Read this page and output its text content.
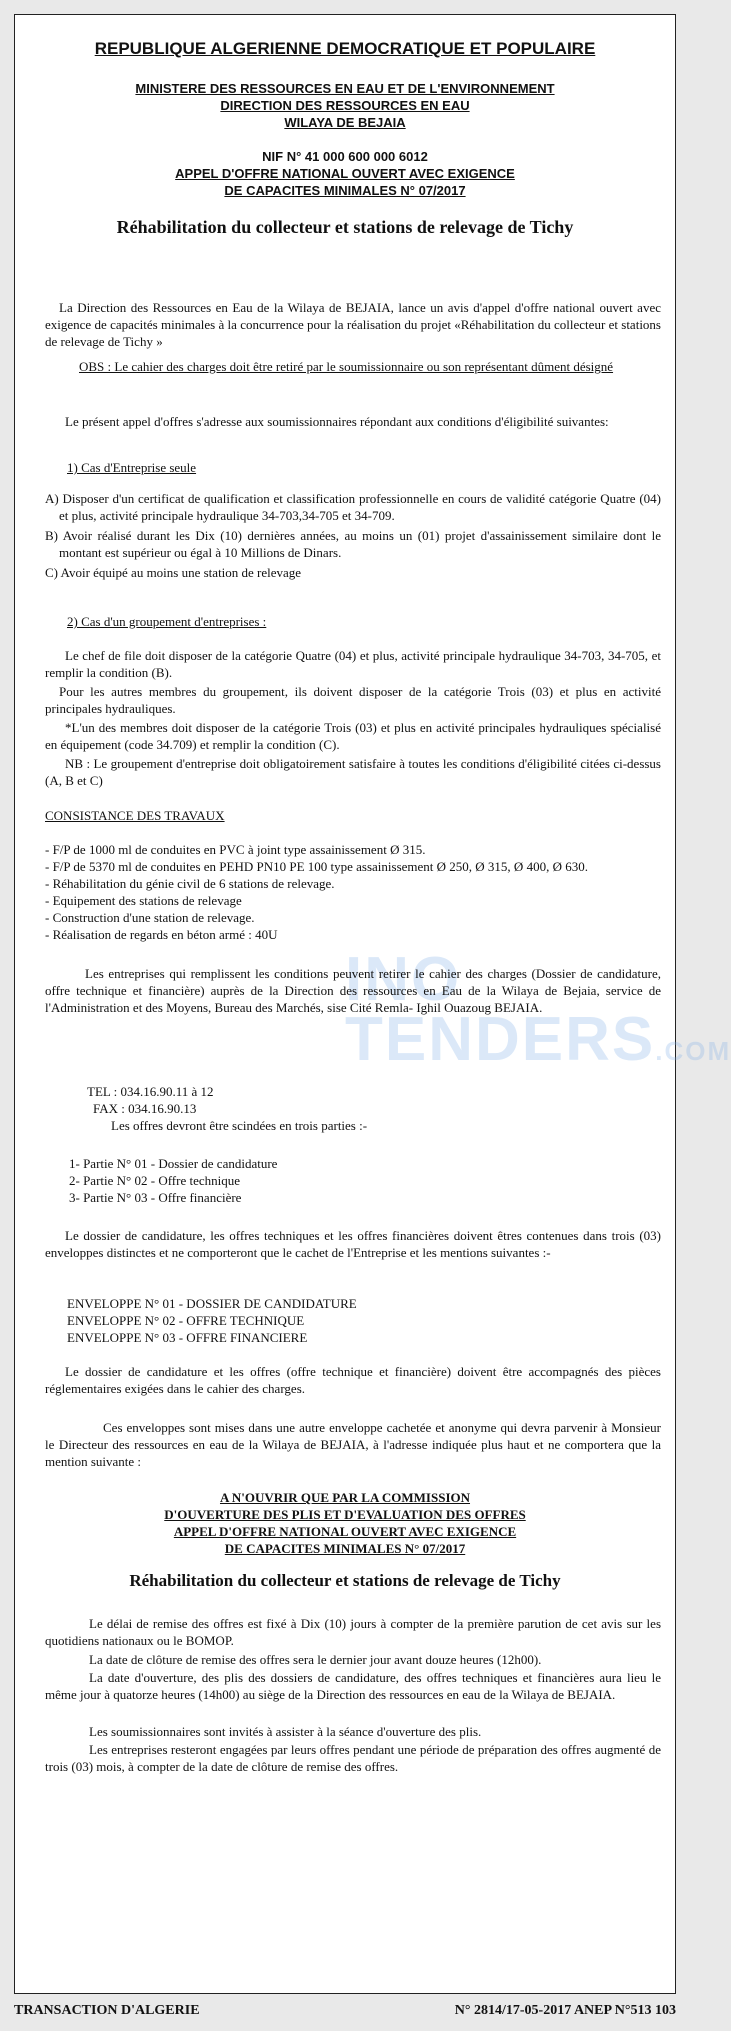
REPUBLIQUE ALGERIENNE DEMOCRATIQUE ET POPULAIRE
MINISTERE DES RESSOURCES EN EAU ET DE L'ENVIRONNEMENT
DIRECTION DES RESSOURCES EN EAU
WILAYA DE BEJAIA
NIF N° 41 000 600 000 6012
APPEL D'OFFRE NATIONAL OUVERT AVEC EXIGENCE
DE CAPACITES MINIMALES N° 07/2017
Réhabilitation du collecteur et stations de relevage de Tichy
La Direction des Ressources en Eau de la Wilaya de BEJAIA, lance un avis d'appel d'offre national ouvert avec exigence de capacités minimales à la concurrence pour la réalisation du projet «Réhabilitation du collecteur et stations de relevage de Tichy »
OBS : Le cahier des charges doit être retiré par le soumissionnaire ou son représentant dûment désigné
Le présent appel d'offres s'adresse aux soumissionnaires répondant aux conditions d'éligibilité suivantes:
1) Cas d'Entreprise seule
A) Disposer d'un certificat de qualification et classification professionnelle en cours de validité catégorie Quatre (04) et plus, activité principale hydraulique 34-703,34-705 et 34-709.
B) Avoir réalisé durant les Dix (10) dernières années, au moins un (01) projet d'assainissement similaire dont le montant est supérieur ou égal à 10 Millions de Dinars.
C) Avoir équipé au moins une station de relevage
2) Cas d'un groupement d'entreprises :
Le chef de file doit disposer de la catégorie Quatre (04) et plus, activité principale hydraulique 34-703, 34-705, et remplir la condition (B).
Pour les autres membres du groupement, ils doivent disposer de la catégorie Trois (03) et plus en activité principales hydrauliques.
*L'un des membres doit disposer de la catégorie Trois (03) et plus en activité principales hydrauliques spécialisé en équipement (code 34.709) et remplir la condition (C).
NB : Le groupement d'entreprise doit obligatoirement satisfaire à toutes les conditions d'éligibilité citées ci-dessus (A, B et C)
CONSISTANCE DES TRAVAUX
- F/P de 1000 ml de conduites en PVC à joint type assainissement Ø 315.
- F/P de 5370 ml de conduites en PEHD PN10 PE 100 type assainissement Ø 250, Ø 315, Ø 400, Ø 630.
- Réhabilitation du génie civil de 6 stations de relevage.
- Equipement des stations de relevage
- Construction d'une station de relevage.
- Réalisation de regards en béton armé : 40U
INO
TENDERS.COM
Les entreprises qui remplissent les conditions peuvent retirer le cahier des charges (Dossier de candidature, offre technique et financière) auprès de la Direction des ressources en Eau de la Wilaya de Bejaia, service de l'Administration et des Moyens, Bureau des Marchés, sise Cité Remla- Ighil Ouazoug BEJAIA.
TEL : 034.16.90.11 à 12
FAX : 034.16.90.13
Les offres devront être scindées en trois parties :-
1- Partie N° 01 - Dossier de candidature
2- Partie N° 02 - Offre technique
3- Partie N° 03 - Offre financière
Le dossier de candidature, les offres techniques et les offres financières doivent êtres contenues dans trois (03) enveloppes distinctes et ne comporteront que le cachet de l'Entreprise et les mentions suivantes :-
ENVELOPPE N° 01 - DOSSIER DE CANDIDATURE
ENVELOPPE N° 02 - OFFRE TECHNIQUE
ENVELOPPE N° 03 - OFFRE FINANCIERE
Le dossier de candidature et les offres (offre technique et financière) doivent être accompagnés des pièces réglementaires exigées dans le cahier des charges.
Ces enveloppes sont mises dans une autre enveloppe cachetée et anonyme qui devra parvenir à Monsieur le Directeur des ressources en eau de la Wilaya de BEJAIA, à l'adresse indiquée plus haut et ne comportera que la mention suivante :
A N'OUVRIR QUE PAR LA COMMISSION
D'OUVERTURE DES PLIS ET D'EVALUATION DES OFFRES
APPEL D'OFFRE NATIONAL OUVERT AVEC EXIGENCE
DE CAPACITES MINIMALES N° 07/2017
Réhabilitation du collecteur et stations de relevage de Tichy
Le délai de remise des offres est fixé à Dix (10) jours à compter de la première parution de cet avis sur les quotidiens nationaux ou le BOMOP.
La date de clôture de remise des offres sera le dernier jour avant douze heures (12h00).
La date d'ouverture, des plis des dossiers de candidature, des offres techniques et financières aura lieu le même jour à quatorze heures (14h00) au siège de la Direction des ressources en eau de la Wilaya de BEJAIA.
Les soumissionnaires sont invités à assister à la séance d'ouverture des plis.
Les entreprises resteront engagées par leurs offres pendant une période de préparation des offres augmenté de trois (03) mois, à compter de la date de clôture de remise des offres.
TRANSACTION D'ALGERIE	N° 2814/17-05-2017 ANEP N°513 103
